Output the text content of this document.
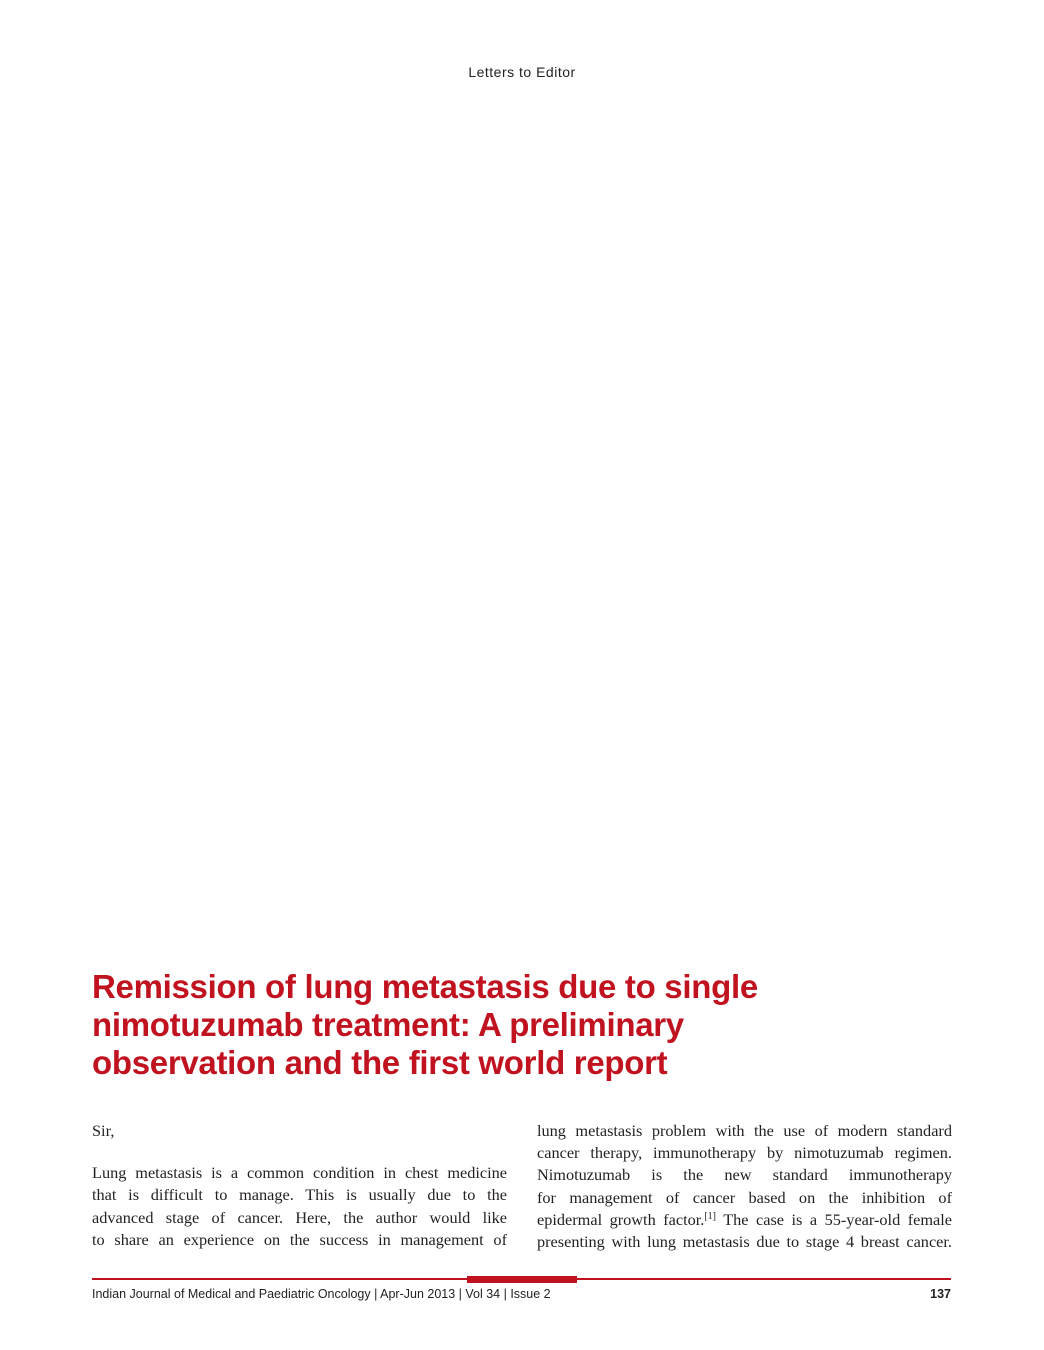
Letters to Editor
Remission of lung metastasis due to single
nimotuzumab treatment: A preliminary
observation and the first world report
Sir,
Lung metastasis is a common condition in chest medicine
that is difficult to manage. This is usually due to the
advanced stage of cancer. Here, the author would like
to share an experience on the success in management of
lung metastasis problem with the use of modern standard
cancer therapy, immunotherapy by nimotuzumab regimen.
Nimotuzumab is the new standard immunotherapy
for management of cancer based on the inhibition of
epidermal growth factor.[1] The case is a 55-year-old female
presenting with lung metastasis due to stage 4 breast cancer.
Indian Journal of Medical and Paediatric Oncology | Apr-Jun 2013 | Vol 34 | Issue 2	137
